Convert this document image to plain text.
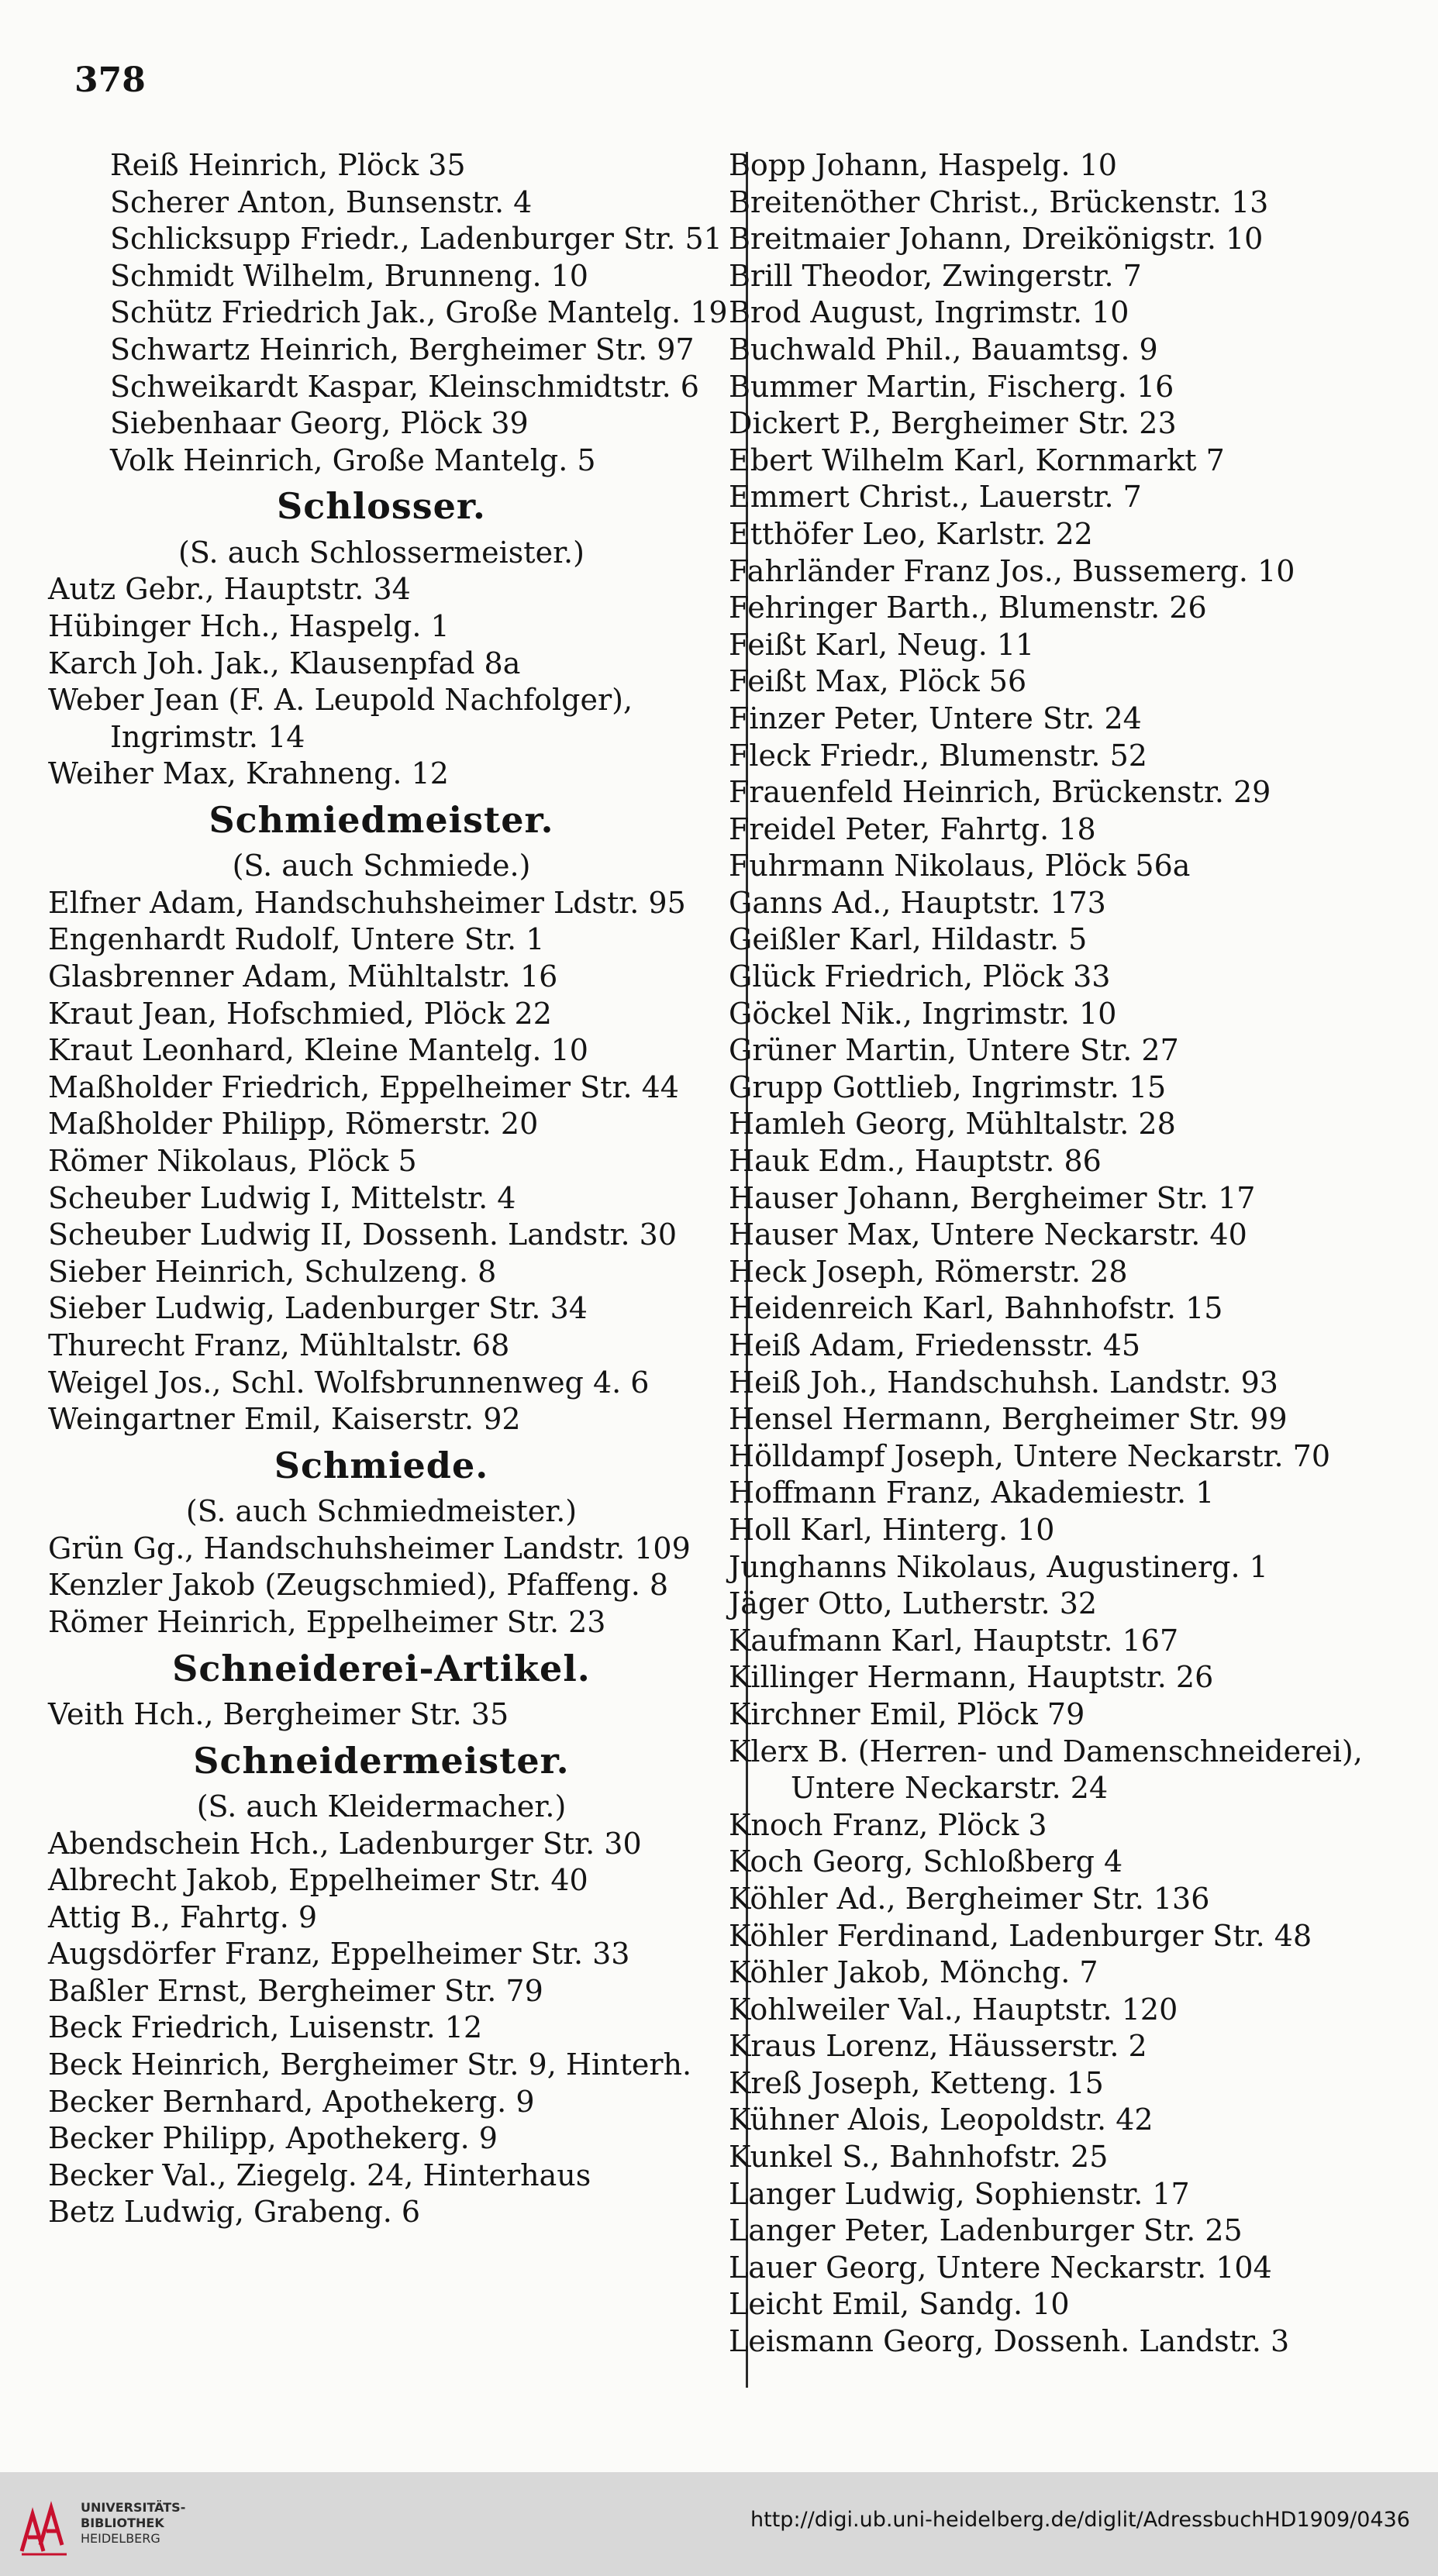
378
Reiß Heinrich, Plöck 35
Scherer Anton, Bunsenstr. 4
Schlicksupp Friedr., Ladenburger Str. 51
Schmidt Wilhelm, Brunneng. 10
Schütz Friedrich Jak., Große Mantelg. 19
Schwartz Heinrich, Bergheimer Str. 97
Schweikardt Kaspar, Kleinschmidtstr. 6
Siebenhaar Georg, Plöck 39
Volk Heinrich, Große Mantelg. 5
Schlosser.
(S. auch Schlossermeister.)
Autz Gebr., Hauptstr. 34
Hübinger Hch., Haspelg. 1
Karch Joh. Jak., Klausenpfad 8a
Weber Jean (F. A. Leupold Nachfolger),
Ingrimstr. 14
Weiher Max, Krahneng. 12
Schmiedmeister.
(S. auch Schmiede.)
Elfner Adam, Handschuhsheimer Ldstr. 95
Engenhardt Rudolf, Untere Str. 1
Glasbrenner Adam, Mühltalstr. 16
Kraut Jean, Hofschmied, Plöck 22
Kraut Leonhard, Kleine Mantelg. 10
Maßholder Friedrich, Eppelheimer Str. 44
Maßholder Philipp, Römerstr. 20
Römer Nikolaus, Plöck 5
Scheuber Ludwig I, Mittelstr. 4
Scheuber Ludwig II, Dossenh. Landstr. 30
Sieber Heinrich, Schulzeng. 8
Sieber Ludwig, Ladenburger Str. 34
Thurecht Franz, Mühltalstr. 68
Weigel Jos., Schl. Wolfsbrunnenweg 4. 6
Weingartner Emil, Kaiserstr. 92
Schmiede.
(S. auch Schmiedmeister.)
Grün Gg., Handschuhsheimer Landstr. 109
Kenzler Jakob (Zeugschmied), Pfaffeng. 8
Römer Heinrich, Eppelheimer Str. 23
Schneiderei-Artikel.
Veith Hch., Bergheimer Str. 35
Schneidermeister.
(S. auch Kleidermacher.)
Abendschein Hch., Ladenburger Str. 30
Albrecht Jakob, Eppelheimer Str. 40
Attig B., Fahrtg. 9
Augsdörfer Franz, Eppelheimer Str. 33
Baßler Ernst, Bergheimer Str. 79
Beck Friedrich, Luisenstr. 12
Beck Heinrich, Bergheimer Str. 9, Hinterh.
Becker Bernhard, Apothekerg. 9
Becker Philipp, Apothekerg. 9
Becker Val., Ziegelg. 24, Hinterhaus
Betz Ludwig, Grabeng. 6
Bopp Johann, Haspelg. 10
Breitenöther Christ., Brückenstr. 13
Breitmaier Johann, Dreikönigstr. 10
Brill Theodor, Zwingerstr. 7
Brod August, Ingrimstr. 10
Buchwald Phil., Bauamtsg. 9
Bummer Martin, Fischerg. 16
Dickert P., Bergheimer Str. 23
Ebert Wilhelm Karl, Kornmarkt 7
Emmert Christ., Lauerstr. 7
Etthöfer Leo, Karlstr. 22
Fahrländer Franz Jos., Bussemerg. 10
Fehringer Barth., Blumenstr. 26
Feißt Karl, Neug. 11
Feißt Max, Plöck 56
Finzer Peter, Untere Str. 24
Fleck Friedr., Blumenstr. 52
Frauenfeld Heinrich, Brückenstr. 29
Freidel Peter, Fahrtg. 18
Fuhrmann Nikolaus, Plöck 56a
Ganns Ad., Hauptstr. 173
Geißler Karl, Hildastr. 5
Glück Friedrich, Plöck 33
Göckel Nik., Ingrimstr. 10
Grüner Martin, Untere Str. 27
Grupp Gottlieb, Ingrimstr. 15
Hamleh Georg, Mühltalstr. 28
Hauk Edm., Hauptstr. 86
Hauser Johann, Bergheimer Str. 17
Hauser Max, Untere Neckarstr. 40
Heck Joseph, Römerstr. 28
Heidenreich Karl, Bahnhofstr. 15
Heiß Adam, Friedensstr. 45
Heiß Joh., Handschuhsh. Landstr. 93
Hensel Hermann, Bergheimer Str. 99
Hölldampf Joseph, Untere Neckarstr. 70
Hoffmann Franz, Akademiestr. 1
Holl Karl, Hinterg. 10
Junghanns Nikolaus, Augustinerg. 1
Jäger Otto, Lutherstr. 32
Kaufmann Karl, Hauptstr. 167
Killinger Hermann, Hauptstr. 26
Kirchner Emil, Plöck 79
Klerx B. (Herren- und Damenschneiderei),
Untere Neckarstr. 24
Knoch Franz, Plöck 3
Koch Georg, Schloßberg 4
Köhler Ad., Bergheimer Str. 136
Köhler Ferdinand, Ladenburger Str. 48
Köhler Jakob, Mönchg. 7
Kohlweiler Val., Hauptstr. 120
Kraus Lorenz, Häusserstr. 2
Kreß Joseph, Ketteng. 15
Kühner Alois, Leopoldstr. 42
Kunkel S., Bahnhofstr. 25
Langer Ludwig, Sophienstr. 17
Langer Peter, Ladenburger Str. 25
Lauer Georg, Untere Neckarstr. 104
Leicht Emil, Sandg. 10
Leismann Georg, Dossenh. Landstr. 3
UNIVERSITÄTS-
BIBLIOTHEK
HEIDELBERG
http://digi.ub.uni-heidelberg.de/diglit/AdressbuchHD1909/0436
